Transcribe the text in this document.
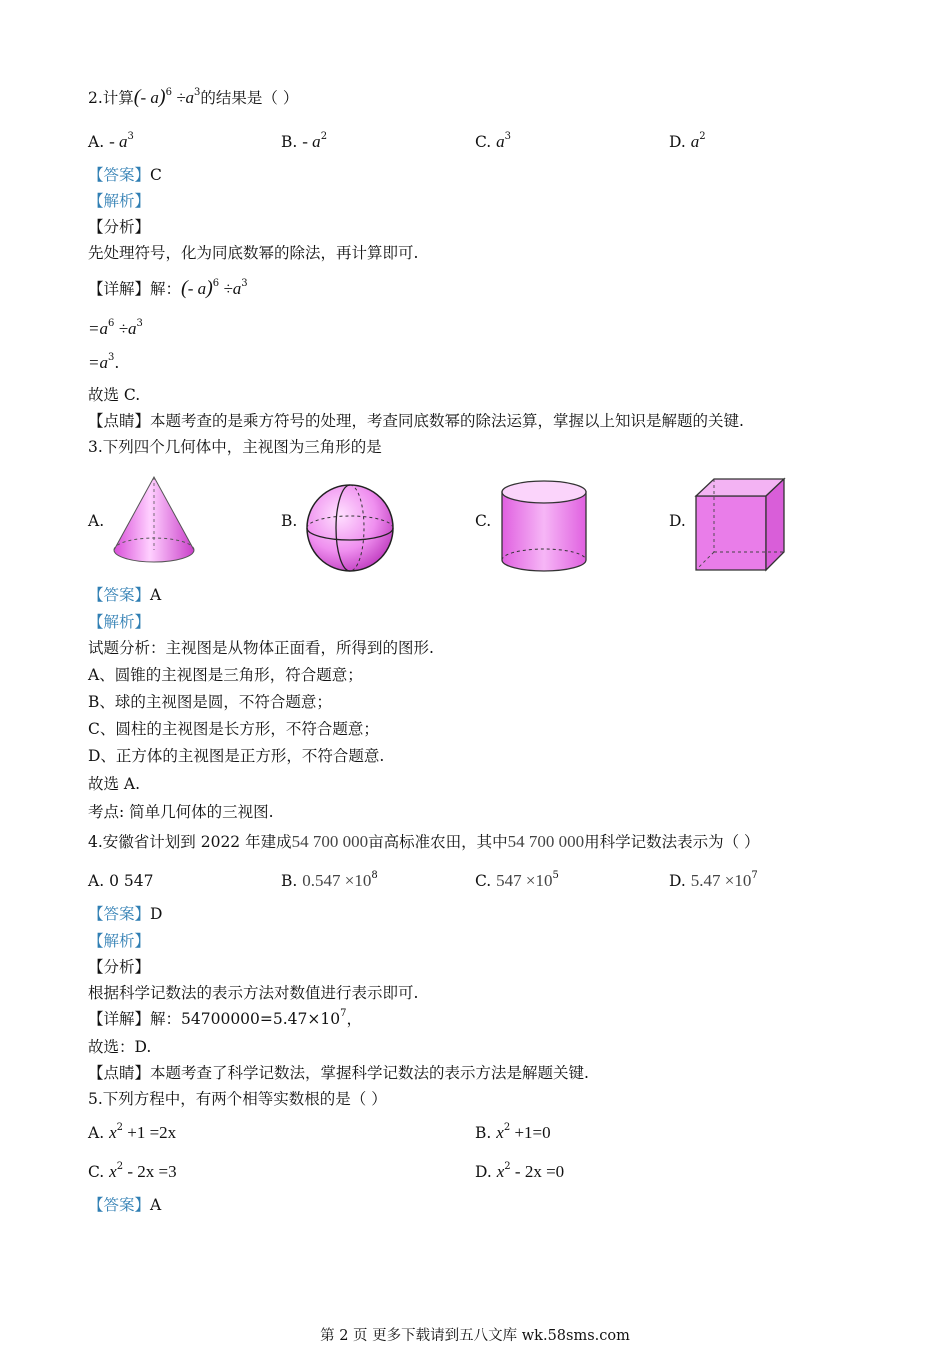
2.计算(- $a)^6 \div a^3$的结果是（ ）
A. - $a^3$	B. - $a^2$	C. $a^3$	D. $a^2$
【答案】C
【解析】
【分析】
先处理符号，化为同底数幂的除法，再计算即可.
【详解】解：(- $a)^6 \div a^3$
$=a^6 \div a^3$
$=a^3$.
故选 C.
【点睛】本题考查的是乘方符号的处理，考查同底数幂的除法运算，掌握以上知识是解题的关键.
3.下列四个几何体中，主视图为三角形的是
A.	B.	C.	D.
【答案】A
【解析】
试题分析：主视图是从物体正面看，所得到的图形.
A、圆锥的主视图是三角形，符合题意；
B、球的主视图是圆，不符合题意；
C、圆柱的主视图是长方形，不符合题意；
D、正方体的主视图是正方形，不符合题意.
故选 A.
考点: 简单几何体的三视图.
4.安徽省计划到 2022 年建成54 700 000亩高标准农田，其中54 700 000用科学记数法表示为（ ）
A. 0 547	B. $0.547 \times 10^8$	C. $547 \times 10^5$	D. $5.47 \times 10^7$
【答案】D
【解析】
【分析】
根据科学记数法的表示方法对数值进行表示即可.
【详解】解：$54700000=5.47\times 10^7$，
故选：D.
【点睛】本题考查了科学记数法，掌握科学记数法的表示方法是解题关键.
5.下列方程中，有两个相等实数根的是（ ）
A. $x^2 +1 =2x$	B. $x^2 +1=0$
C. $x^2 - 2x =3$	D. $x^2 - 2x =0$
【答案】A
第 2 页 更多下载请到五八文库 wk.58sms.com
